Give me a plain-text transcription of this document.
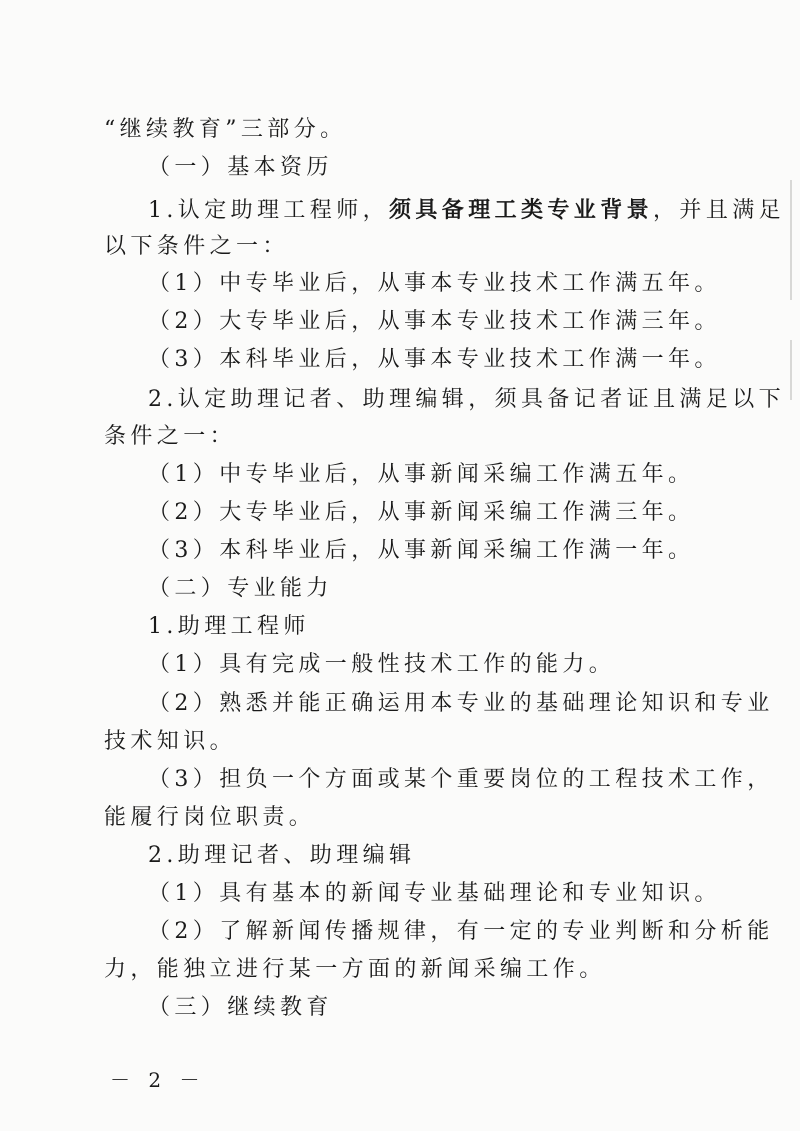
“继续教育”三部分。
（一）基本资历
1.认定助理工程师，须具备理工类专业背景，并且满足
以下条件之一：
（1）中专毕业后，从事本专业技术工作满五年。
（2）大专毕业后，从事本专业技术工作满三年。
（3）本科毕业后，从事本专业技术工作满一年。
2.认定助理记者、助理编辑，须具备记者证且满足以下
条件之一：
（1）中专毕业后，从事新闻采编工作满五年。
（2）大专毕业后，从事新闻采编工作满三年。
（3）本科毕业后，从事新闻采编工作满一年。
（二）专业能力
1.助理工程师
（1）具有完成一般性技术工作的能力。
（2）熟悉并能正确运用本专业的基础理论知识和专业
技术知识。
（3）担负一个方面或某个重要岗位的工程技术工作，
能履行岗位职责。
2.助理记者、助理编辑
（1）具有基本的新闻专业基础理论和专业知识。
（2）了解新闻传播规律，有一定的专业判断和分析能
力，能独立进行某一方面的新闻采编工作。
（三）继续教育
－ 2 －
